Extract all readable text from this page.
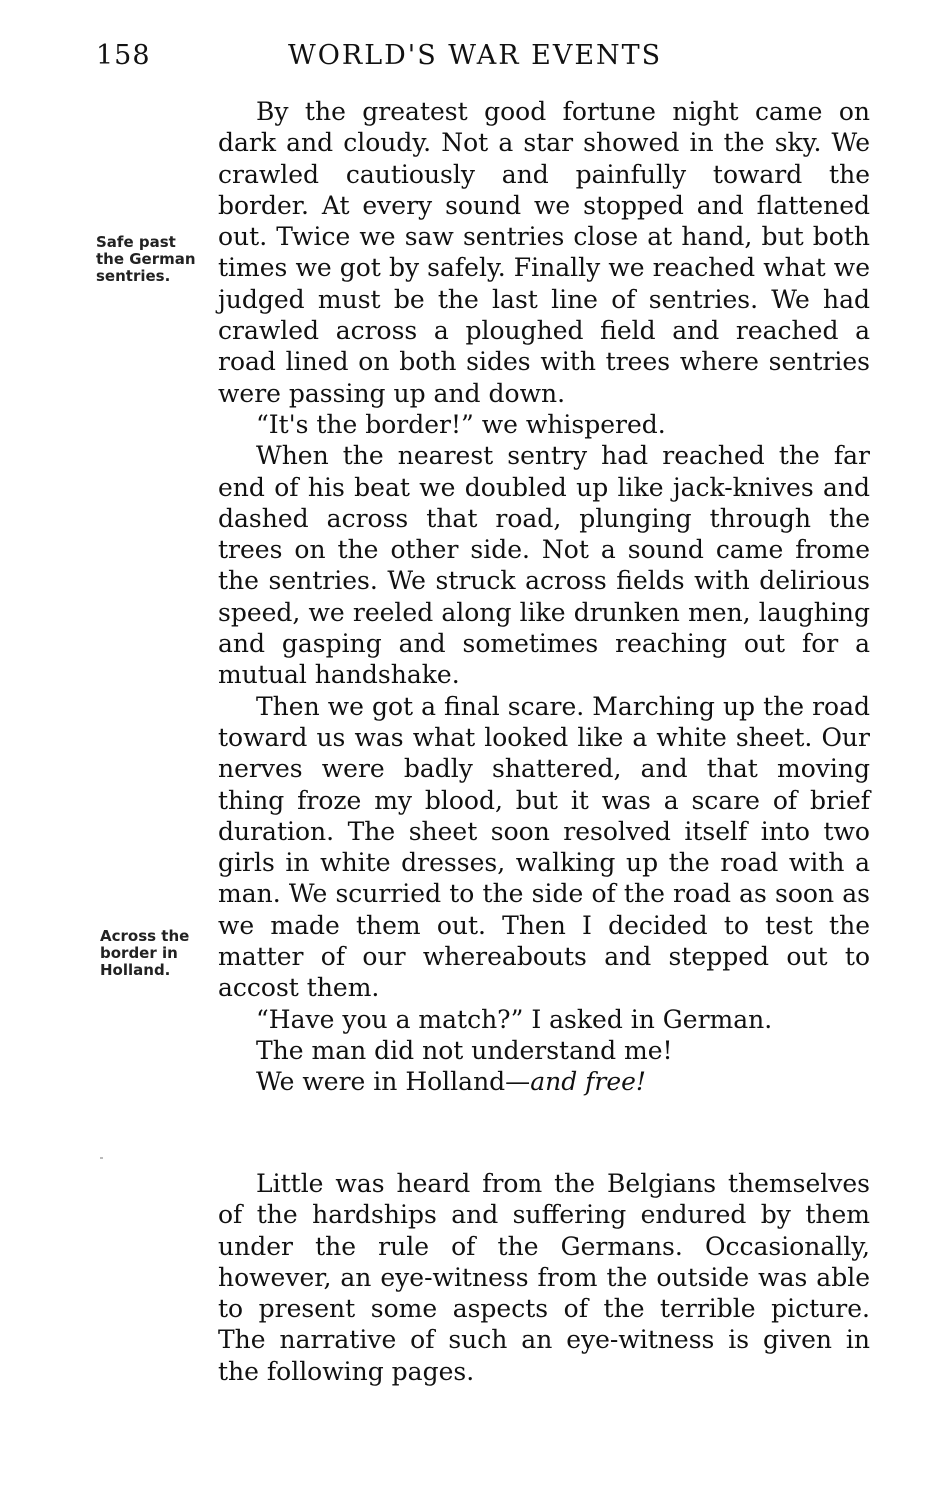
158	WORLD'S WAR EVENTS
Safe past the German sentries.
Across the border in Holland.

By the greatest good fortune night came on dark and cloudy. Not a star showed in the sky. We crawled cautiously and painfully toward the border. At every sound we stopped and flattened out. Twice we saw sentries close at hand, but both times we got by safely. Finally we reached what we judged must be the last line of sentries. We had crawled across a ploughed field and reached a road lined on both sides with trees where sentries were passing up and down.

“It's the border!” we whispered.

When the nearest sentry had reached the far end of his beat we doubled up like jack-knives and dashed across that road, plunging through the trees on the other side. Not a sound came frome the sentries. We struck across fields with delirious speed, we reeled along like drunken men, laughing and gasping and sometimes reaching out for a mutual handshake.

Then we got a final scare. Marching up the road toward us was what looked like a white sheet. Our nerves were badly shattered, and that moving thing froze my blood, but it was a scare of brief duration. The sheet soon resolved itself into two girls in white dresses, walking up the road with a man. We scurried to the side of the road as soon as we made them out. Then I decided to test the matter of our whereabouts and stepped out to accost them.

“Have you a match?” I asked in German.

The man did not understand me!

We were in Holland—and free!

Little was heard from the Belgians themselves of the hardships and suffering endured by them under the rule of the Germans. Occasionally, however, an eye-witness from the outside was able to present some aspects of the terrible picture. The narrative of such an eye-witness is given in the following pages.
